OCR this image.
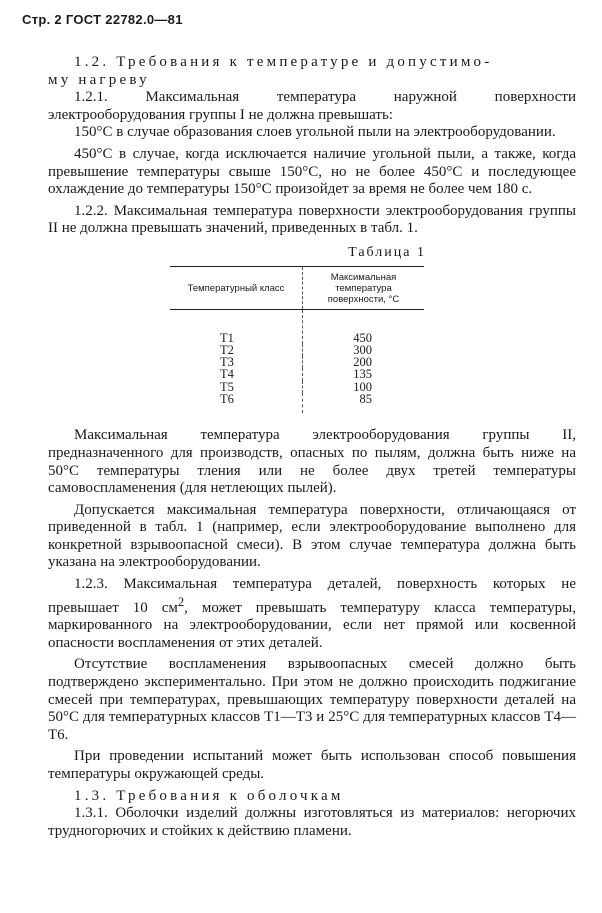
Стр. 2 ГОСТ 22782.0—81

1.2. Требования к температуре и допустимо-
му нагреву

1.2.1. Максимальная температура наружной поверхности электрооборудования группы I не должна превышать:

150°С в случае образования слоев угольной пыли на электрооборудовании.

450°С в случае, когда исключается наличие угольной пыли, а также, когда превышение температуры свыше 150°С, но не более 450°С и последующее охлаждение до температуры 150°С произойдет за время не более чем 180 с.

1.2.2. Максимальная температура поверхности электрооборудования группы II не должна превышать значений, приведенных в табл. 1.

Таблица 1

Температурный класс	Максимальная температура поверхности, °С
Т1	450
Т2	300
Т3	200
Т4	135
Т5	100
Т6	85

Максимальная температура электрооборудования группы II, предназначенного для производств, опасных по пылям, должна быть ниже на 50°С температуры тления или не более двух третей температуры самовоспламенения (для нетлеющих пылей).

Допускается максимальная температура поверхности, отличающаяся от приведенной в табл. 1 (например, если электрооборудование выполнено для конкретной взрывоопасной смеси). В этом случае температура должна быть указана на электрооборудовании.

1.2.3. Максимальная температура деталей, поверхность которых не превышает 10 $см^2$, может превышать температуру класса температуры, маркированного на электрооборудовании, если нет прямой или косвенной опасности воспламенения от этих деталей.

Отсутствие воспламенения взрывоопасных смесей должно быть подтверждено экспериментально. При этом не должно происходить поджигание смесей при температурах, превышающих температуру поверхности деталей на 50°С для температурных классов Т1—Т3 и 25°С для температурных классов Т4—Т6.

При проведении испытаний может быть использован способ повышения температуры окружающей среды.

1.3. Требования к оболочкам

1.3.1. Оболочки изделий должны изготовляться из материалов: негорючих трудногорючих и стойких к действию пламени.
